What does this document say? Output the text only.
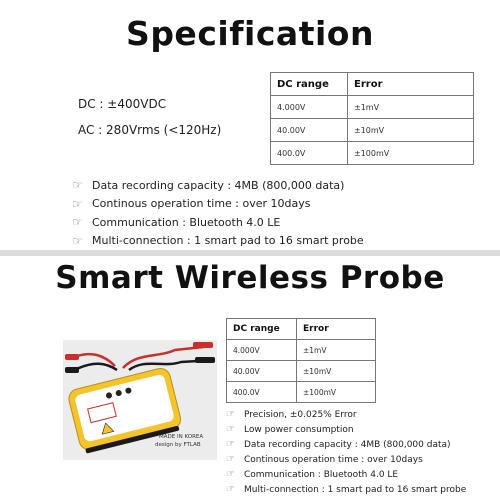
Specification
DC : ±400VDC
AC : 280Vrms (<120Hz)
DC range	Error
4.000V	±1mV
40.00V	±10mV
400.0V	±100mV
☞ Data recording capacity : 4MB (800,000 data)
☞ Continous operation time : over 10days
☞ Communication : Bluetooth 4.0 LE
☞ Multi-connection : 1 smart pad to 16 smart probe
Smart Wireless Probe
MADE IN KOREA
design by FTLAB
DC range	Error
4.000V	±1mV
40.00V	±10mV
400.0V	±100mV
☞	Precision, ±0.025% Error
☞	Low power consumption
☞	Data recording capacity : 4MB (800,000 data)
☞	Continous operation time : over 10days
☞	Communication : Bluetooth 4.0 LE
☞	Multi-connection : 1 smart pad to 16 smart probe
